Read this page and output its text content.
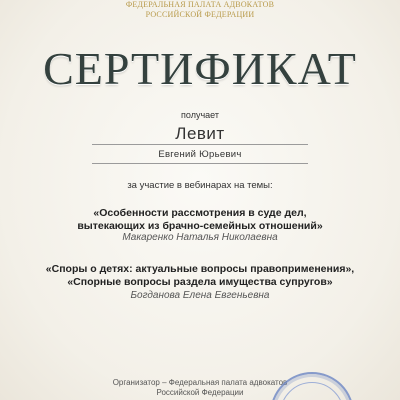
ФЕДЕРАЛЬНАЯ ПАЛАТА АДВОКАТОВ
РОССИЙСКОЙ ФЕДЕРАЦИИ
СЕРТИФИКАТ
получает
Левит
Евгений Юрьевич
за участие в вебинарах на темы:
«Особенности рассмотрения в суде дел,
вытекающих из брачно-семейных отношений»
Макаренко Наталья Николаевна
«Споры о детях: актуальные вопросы правоприменения»,
«Спорные вопросы раздела имущества супругов»
Богданова Елена Евгеньевна
Организатор – Федеральная палата адвокатов
Российской Федерации
